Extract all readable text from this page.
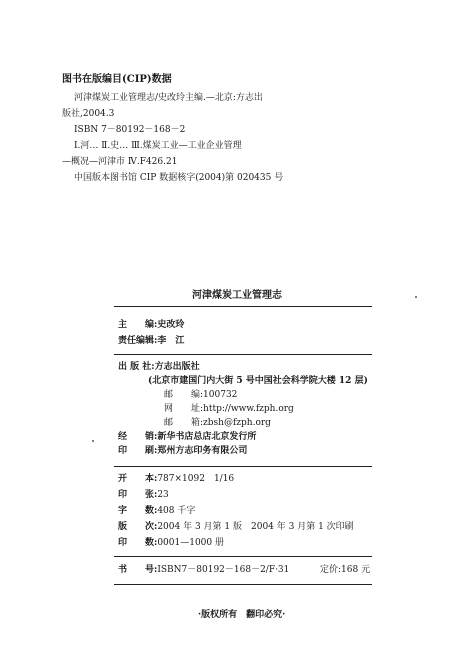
图书在版编目(CIP)数据
河津煤炭工业管理志/史改玲主编.—北京:方志出
版社,2004.3
ISBN 7－80192－168－2
Ⅰ.河… Ⅱ.史… Ⅲ.煤炭工业—工业企业管理
—概况—河津市 Ⅳ.F426.21
中国版本图书馆 CIP 数据核字(2004)第 020435 号
河津煤炭工业管理志
主　　编:史改玲
责任编辑:李　江
出 版 社:方志出版社
(北京市建国门内大街 5 号中国社会科学院大楼 12 层)
邮　　编:100732
网　　址:http://www.fzph.org
邮　　箱:zbsh@fzph.org
经　　销:新华书店总店北京发行所
印　　刷:郑州方志印务有限公司
开　　本:787×1092　1/16
印　　张:23
字　　数:408 千字
版　　次:2004 年 3 月第 1 版　2004 年 3 月第 1 次印刷
印　　数:0001—1000 册
书　　号:ISBN7－80192－168－2/F·31	定价:168 元
·版权所有　翻印必究·
